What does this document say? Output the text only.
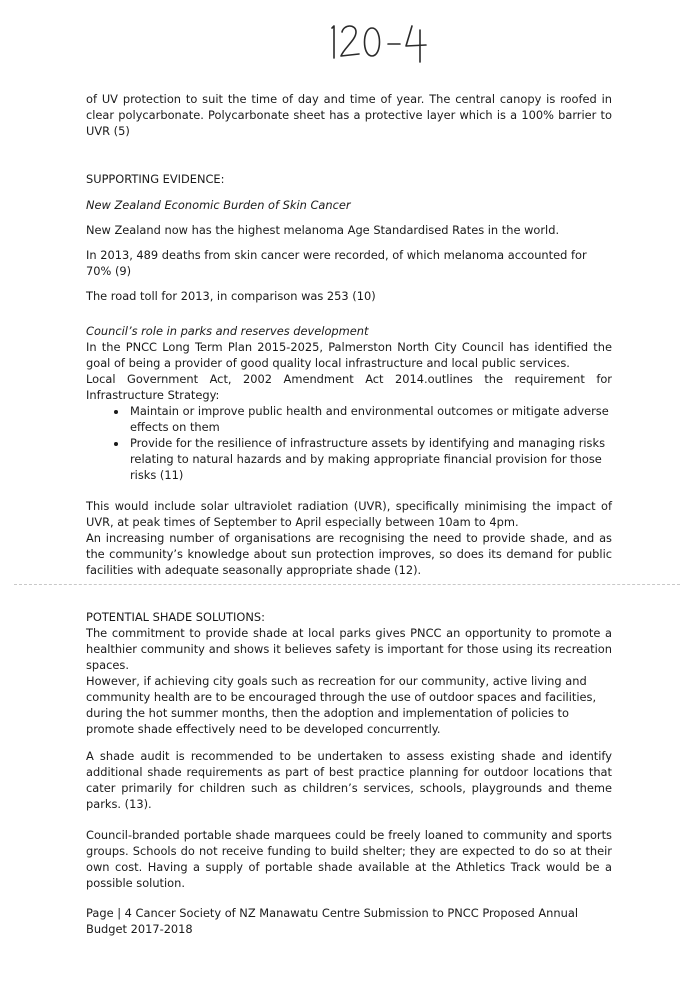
of UV protection to suit the time of day and time of year. The central canopy is roofed in clear polycarbonate. Polycarbonate sheet has a protective layer which is a 100% barrier to UVR (5)

SUPPORTING EVIDENCE:

New Zealand Economic Burden of Skin Cancer

New Zealand now has the highest melanoma Age Standardised Rates in the world.

In 2013, 489 deaths from skin cancer were recorded, of which melanoma accounted for 70% (9)

The road toll for 2013, in comparison was 253 (10)

Council’s role in parks and reserves development

In the PNCC Long Term Plan 2015-2025, Palmerston North City Council has identified the goal of being a provider of good quality local infrastructure and local public services.

Local Government Act, 2002 Amendment Act 2014.outlines the requirement for Infrastructure Strategy:

• Maintain or improve public health and environmental outcomes or mitigate adverse effects on them
• Provide for the resilience of infrastructure assets by identifying and managing risks relating to natural hazards and by making appropriate financial provision for those risks (11)

This would include solar ultraviolet radiation (UVR), specifically minimising the impact of UVR, at peak times of September to April especially between 10am to 4pm.

An increasing number of organisations are recognising the need to provide shade, and as the community’s knowledge about sun protection improves, so does its demand for public facilities with adequate seasonally appropriate shade (12).

POTENTIAL SHADE SOLUTIONS:

The commitment to provide shade at local parks gives PNCC an opportunity to promote a healthier community and shows it believes safety is important for those using its recreation spaces.

However, if achieving city goals such as recreation for our community, active living and community health are to be encouraged through the use of outdoor spaces and facilities, during the hot summer months, then the adoption and implementation of policies to promote shade effectively need to be developed concurrently.

A shade audit is recommended to be undertaken to assess existing shade and identify additional shade requirements as part of best practice planning for outdoor locations that cater primarily for children such as children’s services, schools, playgrounds and theme parks. (13).

Council-branded portable shade marquees could be freely loaned to community and sports groups. Schools do not receive funding to build shelter; they are expected to do so at their own cost. Having a supply of portable shade available at the Athletics Track would be a possible solution.

Page | 4 Cancer Society of NZ Manawatu Centre Submission to PNCC Proposed Annual Budget 2017-2018
